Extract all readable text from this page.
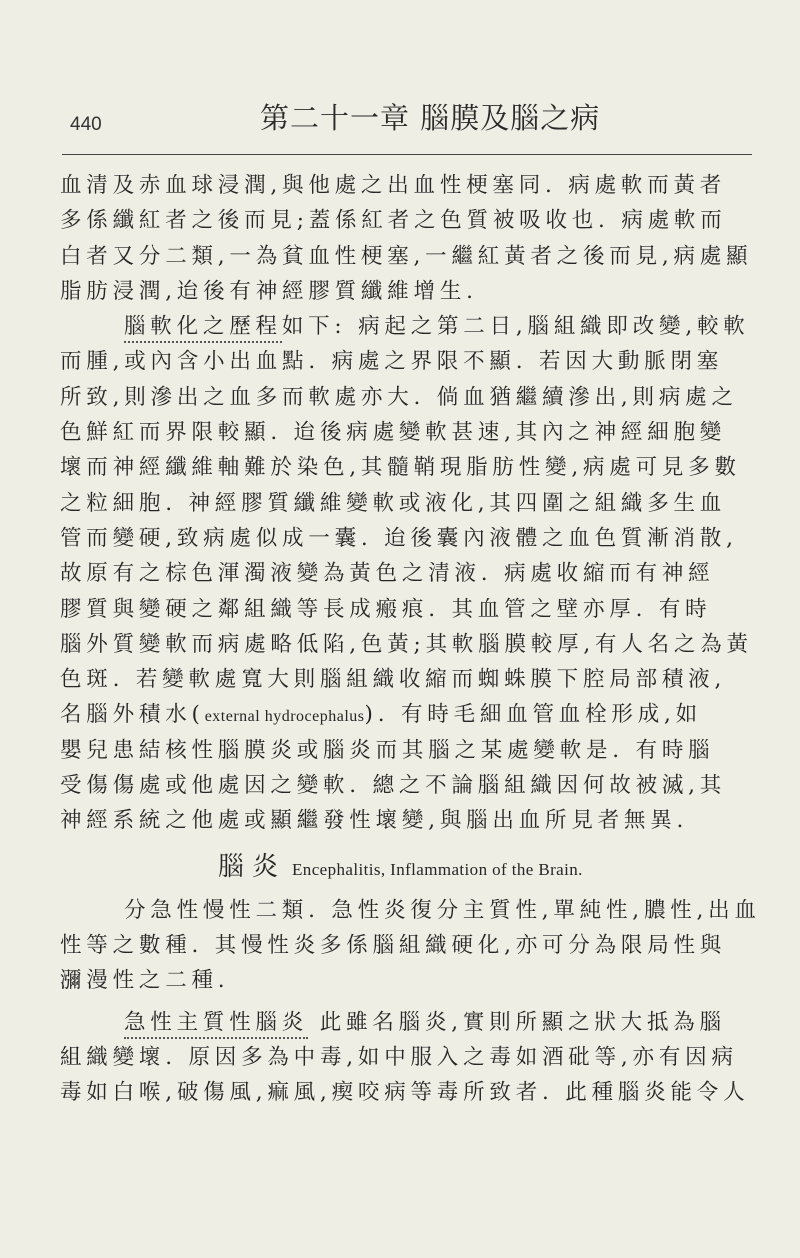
440	第二十一章 腦膜及腦之病
血清及赤血球浸潤,與他處之出血性梗塞同. 病處軟而黃者
多係纖紅者之後而見;蓋係紅者之色質被吸收也. 病處軟而
白者又分二類,一為貧血性梗塞,一繼紅黃者之後而見,病處顯
脂肪浸潤,迨後有神經膠質纖維增生.
腦軟化之歷程如下: 病起之第二日,腦組織即改變,較軟
而腫,或內含小出血點. 病處之界限不顯. 若因大動脈閉塞
所致,則滲出之血多而軟處亦大. 倘血猶繼續滲出,則病處之
色鮮紅而界限較顯. 迨後病處變軟甚速,其內之神經細胞變
壞而神經纖維軸難於染色,其髓鞘現脂肪性變,病處可見多數
之粒細胞. 神經膠質纖維變軟或液化,其四圍之組織多生血
管而變硬,致病處似成一囊. 迨後囊內液體之血色質漸消散,
故原有之棕色渾濁液變為黃色之清液. 病處收縮而有神經
膠質與變硬之鄰組織等長成瘢痕. 其血管之壁亦厚. 有時
腦外質變軟而病處略低陷,色黃;其軟腦膜較厚,有人名之為黃
色斑. 若變軟處寬大則腦組織收縮而蜘蛛膜下腔局部積液,
名腦外積水(external hydrocephalus). 有時毛細血管血栓形成,如
嬰兒患結核性腦膜炎或腦炎而其腦之某處變軟是. 有時腦
受傷傷處或他處因之變軟. 總之不論腦組織因何故被滅,其
神經系統之他處或顯繼發性壞變,與腦出血所見者無異.
腦炎 Encephalitis, Inflammation of the Brain.
分急性慢性二類. 急性炎復分主質性,單純性,膿性,出血
性等之數種. 其慢性炎多係腦組織硬化,亦可分為限局性與
瀰漫性之二種.
急性主質性腦炎 此雖名腦炎,實則所顯之狀大抵為腦
組織變壞. 原因多為中毒,如中服入之毒如酒砒等,亦有因病
毒如白喉,破傷風,痲風,瘈咬病等毒所致者. 此種腦炎能令人
